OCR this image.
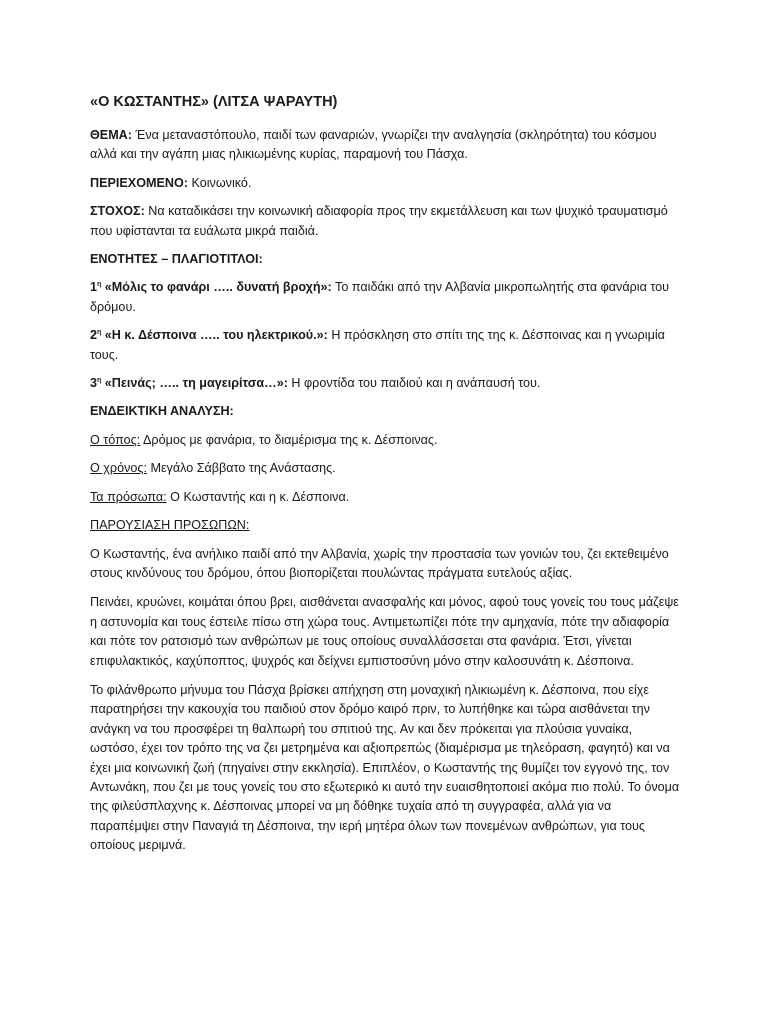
«Ο ΚΩΣΤΑΝΤΗΣ» (ΛΙΤΣΑ ΨΑΡΑΥΤΗ)

ΘΕΜΑ: Ένα μεταναστόπουλο, παιδί των φαναριών, γνωρίζει την αναλγησία (σκληρότητα) του κόσμου αλλά και την αγάπη μιας ηλικιωμένης κυρίας, παραμονή του Πάσχα.

ΠΕΡΙΕΧΟΜΕΝΟ: Κοινωνικό.

ΣΤΟΧΟΣ: Να καταδικάσει την κοινωνική αδιαφορία προς την εκμετάλλευση και των ψυχικό τραυματισμό που υφίστανται τα ευάλωτα μικρά παιδιά.

ΕΝΟΤΗΤΕΣ – ΠΛΑΓΙΟΤΙΤΛΟΙ:

$1^\eta$ «Μόλις το φανάρι ….. δυνατή βροχή»: Το παιδάκι από την Αλβανία μικροπωλητής στα φανάρια του δρόμου.

$2^\eta$ «Η κ. Δέσποινα ….. του ηλεκτρικού.»: Η πρόσκληση στο σπίτι της της κ. Δέσποινας και η γνωριμία τους.

$3^\eta$ «Πεινάς; ….. τη μαγειρίτσα…»: Η φροντίδα του παιδιού και η ανάπαυσή του.

ΕΝΔΕΙΚΤΙΚΗ ΑΝΑΛΥΣΗ:

Ο τόπος: Δρόμος με φανάρια, το διαμέρισμα της κ. Δέσποινας.

Ο χρόνος: Μεγάλο Σάββατο της Ανάστασης.

Τα πρόσωπα: Ο Κωσταντής και η κ. Δέσποινα.

ΠΑΡΟΥΣΙΑΣΗ ΠΡΟΣΩΠΩΝ:

Ο Κωσταντής, ένα ανήλικο παιδί από την Αλβανία, χωρίς την προστασία των γονιών του, ζει εκτεθειμένο στους κινδύνους του δρόμου, όπου βιοπορίζεται πουλώντας πράγματα ευτελούς αξίας.

Πεινάει, κρυώνει, κοιμάται όπου βρει, αισθάνεται ανασφαλής και μόνος, αφού τους γονείς του τους μάζεψε η αστυνομία και τους έστειλε πίσω στη χώρα τους. Αντιμετωπίζει πότε την αμηχανία, πότε την αδιαφορία και πότε τον ρατσισμό των ανθρώπων με τους οποίους συναλλάσσεται στα φανάρια. Έτσι, γίνεται επιφυλακτικός, καχύποπτος, ψυχρός και δείχνει εμπιστοσύνη μόνο στην καλοσυνάτη κ. Δέσποινα.

Το φιλάνθρωπο μήνυμα του Πάσχα βρίσκει απήχηση στη μοναχική ηλικιωμένη κ. Δέσποινα, που είχε παρατηρήσει την κακουχία του παιδιού στον δρόμο καιρό πριν, το λυπήθηκε και τώρα αισθάνεται την ανάγκη να του προσφέρει τη θαλπωρή του σπιτιού της. Αν και δεν πρόκειται για πλούσια γυναίκα, ωστόσο, έχει τον τρόπο της να ζει μετρημένα και αξιοπρεπώς (διαμέρισμα με τηλεόραση, φαγητό) και να έχει μια κοινωνική ζωή (πηγαίνει στην εκκλησία). Επιπλέον, ο Κωσταντής της θυμίζει τον εγγονό της, τον Αντωνάκη, που ζει με τους γονείς του στο εξωτερικό κι αυτό την ευαισθητοποιεί ακόμα πιο πολύ. Το όνομα της φιλεύσπλαχνης κ. Δέσποινας μπορεί να μη δόθηκε τυχαία από τη συγγραφέα, αλλά για να παραπέμψει στην Παναγιά τη Δέσποινα, την ιερή μητέρα όλων των πονεμένων ανθρώπων, για τους οποίους μεριμνά.
